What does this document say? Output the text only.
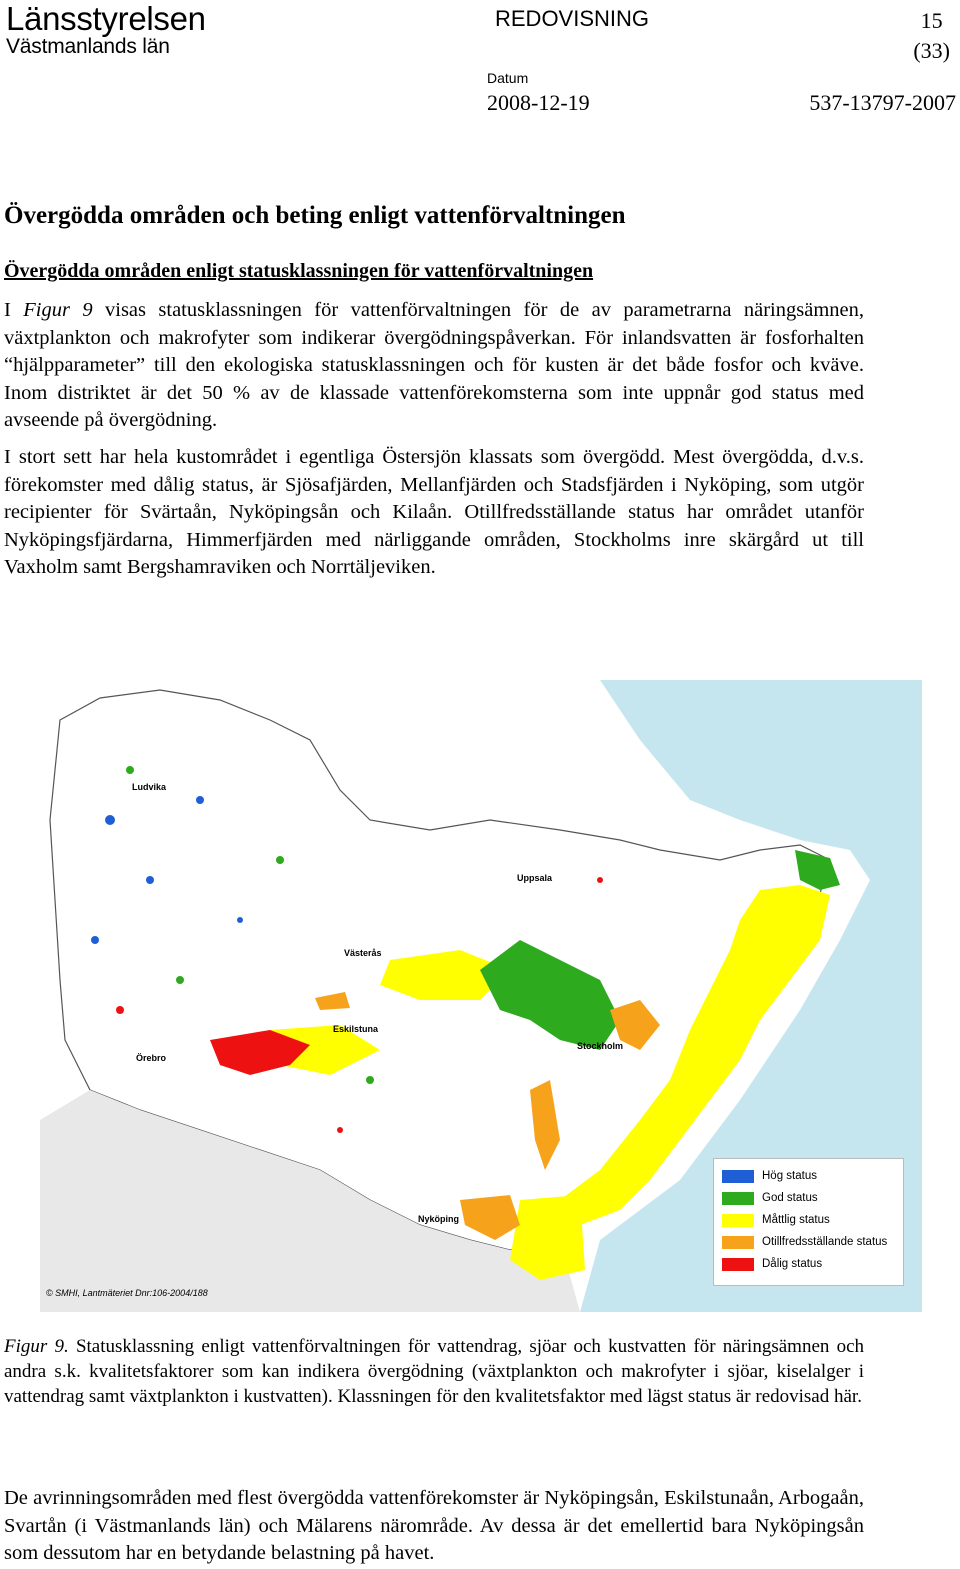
Länsstyrelsen
Västmanlands län
REDOVISNING	15
(33)
Datum
2008-12-19	537-13797-2007
Övergödda områden och beting enligt vattenförvaltningen
Övergödda områden enligt statusklassningen för vattenförvaltningen

I Figur 9 visas statusklassningen för vattenförvaltningen för de av parametrarna näringsämnen, växtplankton och makrofyter som indikerar övergödningspåverkan. För inlandsvatten är fosforhalten “hjälpparameter” till den ekologiska statusklassningen och för kusten är det både fosfor och kväve. Inom distriktet är det 50 % av de klassade vattenförekomsterna som inte uppnår god status med avseende på övergödning.

I stort sett har hela kustområdet i egentliga Östersjön klassats som övergödd. Mest övergödda, d.v.s. förekomster med dålig status, är Sjösafjärden, Mellanfjärden och Stadsfjärden i Nyköping, som utgör recipienter för Svärtaån, Nyköpingsån och Kilaån. Otillfredsställande status har området utanför Nyköpingsfjärdarna, Himmerfjärden med närliggande områden, Stockholms inre skärgård ut till Vaxholm samt Bergshamraviken och Norrtäljeviken.

Ludvika
Uppsala
Västerås
Eskilstuna
Örebro
Stockholm
Nyköping
Hög status
God status
Måttlig status
Otillfredsställande status
Dålig status
© SMHI, Lantmäteriet Dnr:106-2004/188

Figur 9. Statusklassning enligt vattenförvaltningen för vattendrag, sjöar och kustvatten för näringsämnen och andra s.k. kvalitetsfaktorer som kan indikera övergödning (växtplankton och makrofyter i sjöar, kiselalger i vattendrag samt växtplankton i kustvatten). Klassningen för den kvalitetsfaktor med lägst status är redovisad här.

De avrinningsområden med flest övergödda vattenförekomster är Nyköpingsån, Eskilstunaån, Arbogaån, Svartån (i Västmanlands län) och Mälarens närområde. Av dessa är det emellertid bara Nyköpingsån som dessutom har en betydande belastning på havet.
